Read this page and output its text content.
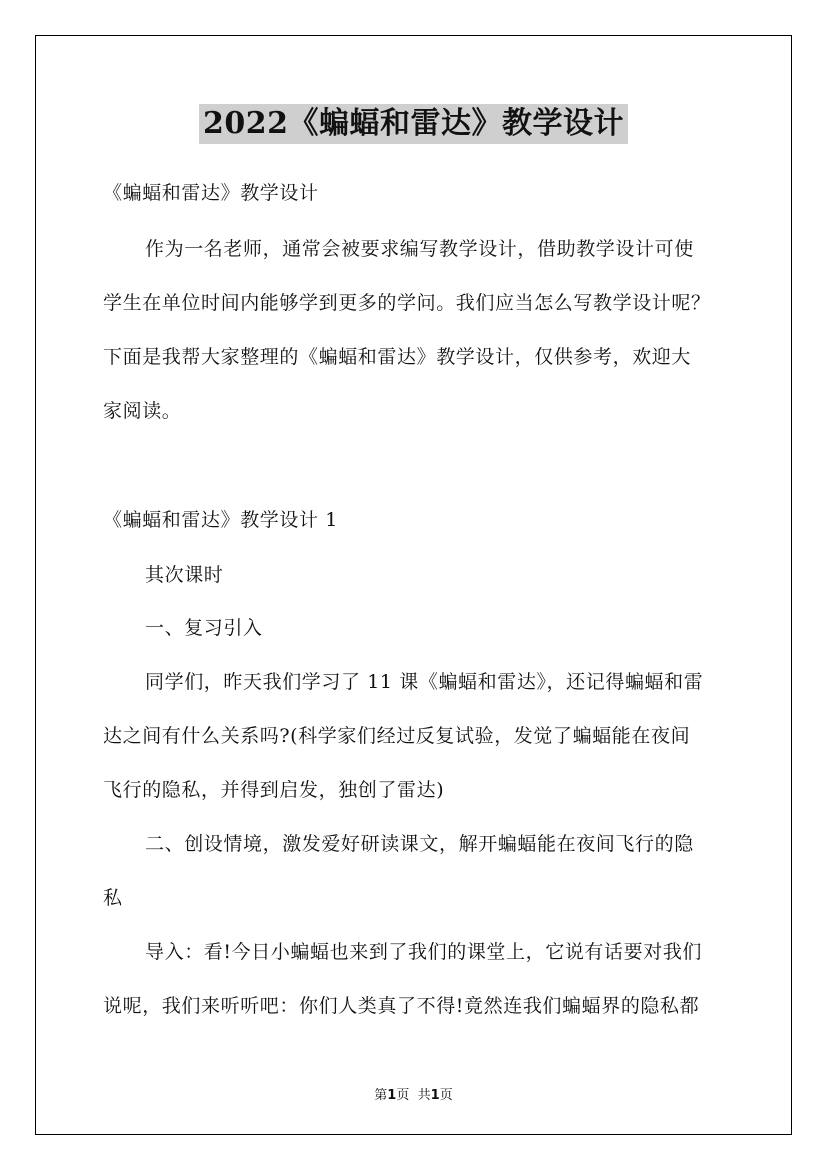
2022《蝙蝠和雷达》教学设计
《蝙蝠和雷达》教学设计
作为一名老师，通常会被要求编写教学设计，借助教学设计可使
学生在单位时间内能够学到更多的学问。我们应当怎么写教学设计呢？
下面是我帮大家整理的《蝙蝠和雷达》教学设计，仅供参考，欢迎大
家阅读。
《蝙蝠和雷达》教学设计 1
其次课时
一、复习引入
同学们，昨天我们学习了 11 课《蝙蝠和雷达》，还记得蝙蝠和雷
达之间有什么关系吗?(科学家们经过反复试验，发觉了蝙蝠能在夜间
飞行的隐私，并得到启发，独创了雷达)
二、创设情境，激发爱好研读课文，解开蝙蝠能在夜间飞行的隐
私
导入：看!今日小蝙蝠也来到了我们的课堂上，它说有话要对我们
说呢，我们来听听吧：你们人类真了不得!竟然连我们蝙蝠界的隐私都
第1页 共1页
